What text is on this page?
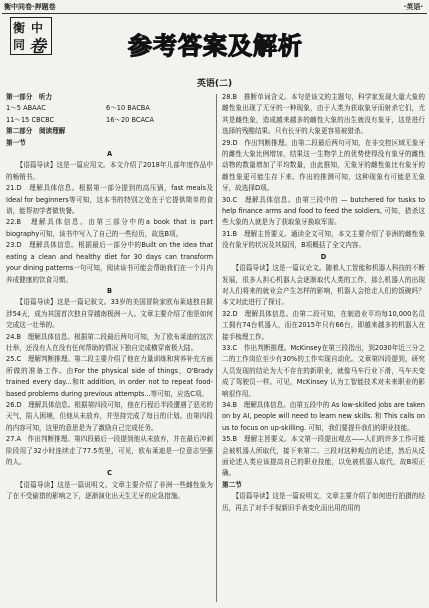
衡中同卷·押题卷	·英语·
衡 中
同 卷	参考答案及解析
英语(二)
第一部分　听力
1～5 ABAAC	6～10 BACBA
11～15 CBCBC	16～20 BCACA
第二部分　阅读理解
第一节
A
【语篇导读】这是一篇应用文。本文介绍了2018年儿部年度作品中的畅销书。
21.D　理解具体信息。根据第一部分提到的高压锅，fast meals及Ideal for beginners等可知，这本书的特别之处在于它提供简单的食谱，能帮初学者做快餐。
22.B　理解具体信息。由第三部分中的a book that is part biography可知，该书中写入了自己的一些经历，故选B项。
23.D　理解具体信息。根据最后一部分中的Built on the idea that eating a clean and healthy diet for 30 days can transform your dining patterns一句可知，阅读该书可能会帮助我们在一个月内养成健康的饮食习惯。
B
【语篇导读】这是一篇记叙文。33岁的美国冒险家欧布莱迪独自跋涉54天，成为其国首次独自穿越南极洲一人。文章主要介绍了他是如何完成这一壮举的。
24.B　理解具体信息。根据第二段最后两句可知，为了欧布莱迪的这次壮举，还没有人在没有任何帮助的情况下独自完成横穿南极大陆。
25.C　理解判断推理。第二段主要介绍了他在力量训练和营养补充方面所做的准备工作。由For the physical side of things，O'Brady trained every day...和It addition, in order not to repeat food-based problems during previous attempts...等可知，应选C项。
26.D　理解具体信息。根据第四段可知，他在行程后半段遭遇了恶劣的天气，陷入困境，但他从未放弃，并坚持完成了每日的计划。由第四段的内容可知，这里的意思是为了激励自己完成任务。
27.A　作出判断推理。第四段最后一段提到他从未放弃，并在最后冲刺阶段用了32小时连续走了77.5英里，可见，欧布莱迪是一位意志坚强的人。
C
【语篇导读】这是一篇说明文。文章主要介绍了非洲一些雌性象为了在不受偷猎的影响之下，逐渐演化出天生无牙的应急措施。
28.B　推断单词含义。本句是该文的主题句，科学家发现大量大象的雌性象出现了无牙的一种现象，由于人类为获取象牙而射杀它们，尤其是雌性象，造成越来越多的雌性大象的出生就没有象牙，这是进行选择的残酷结果。只有长牙的大象更容易被猎杀。
29.D　作出判断推理。由第二段最后两句可知，在非交控区域无象牙的雌性大象比例增加，结果这一生物学上的优势使得没有象牙的雌性动物的数量增加了平均数量，由此推知，无象牙的雌性象比有象牙的雌性象更可能生存下来。作出的推测可知，这种现象有可能是无象牙，故选择D项。
30.C　理解具体信息。由第三段中的 — butchered for tusks to help finance arms and food to feed the soldiers, 可知，猎杀这些大象的人就是为了获取象牙换取军需。
31.B　理解主旨要义。通读全文可知，本文主要介绍了非洲的雌性象没有象牙的状况及其原因，B项概括了全文内容。
D
【语篇导读】这是一篇议论文。随着人工智能和机器人科技的不断发展，很多人担心机器人会逐渐取代人类的工作，那么机器人的出现对人们将来的就业会产生怎样的影响，机器人会抢走人们的饭碗吗？本文对此进行了探讨。
32.D　理解具体信息。由第二段可知，在制造业平均每10,000名员工拥有74台机器人，而在2015年只有66台，即越来越多的机器人在接手梳理工作。
33.C　作出判断推理。McKinsey在第三段指出，到2030年近三分之二的工作岗位至少有30%的工作实现自动化。文章第四段提到，研究人员发现的结论为大不存在的新职业，就像马车行业下滑，马车夫变成了驾驶员一样。可见，McKinsey 认为工智能技术对未来职业的影响很作用。
34.B　理解具体信息。由第五段中的 As low-skilled jobs are taken on by AI, people will need to learn new skills. 和 This calls on us to focus on up-skilling. 可知，我们要提升我们的职业技能。
35.B　理解主旨要义。本文第一段提出观点——人们的许多工作可能会被机器人所取代，接下来第二、三段对这种观点的论述，然后从反面论述人类应该提高自己的职业技能，以免被机器人取代，故B项正确。
第二节
【语篇导读】这是一篇说明文，文章主要介绍了如何进行拍摄的经历，再去了对手手视新旧手表变化而出用的用的
